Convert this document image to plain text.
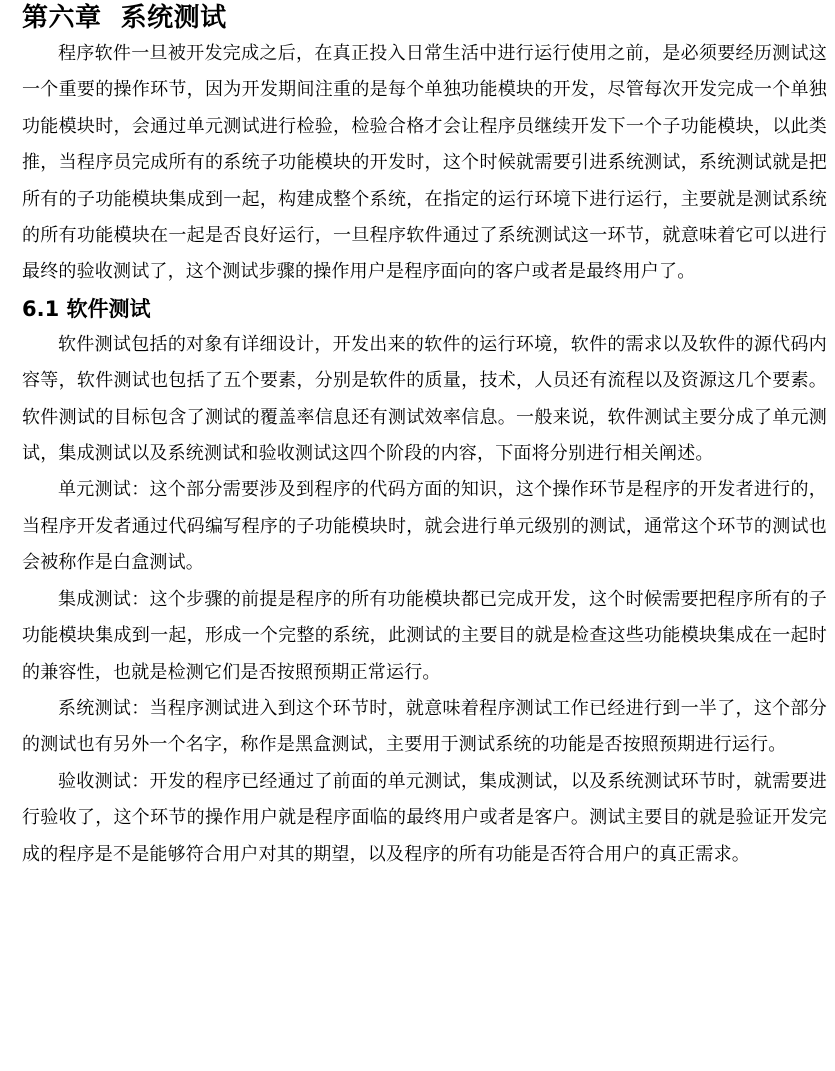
第六章  系统测试

程序软件一旦被开发完成之后，在真正投入日常生活中进行运行使用之前，是必须要经历测试这一个重要的操作环节，因为开发期间注重的是每个单独功能模块的开发，尽管每次开发完成一个单独功能模块时，会通过单元测试进行检验，检验合格才会让程序员继续开发下一个子功能模块，以此类推，当程序员完成所有的系统子功能模块的开发时，这个时候就需要引进系统测试，系统测试就是把所有的子功能模块集成到一起，构建成整个系统，在指定的运行环境下进行运行，主要就是测试系统的所有功能模块在一起是否良好运行，一旦程序软件通过了系统测试这一环节，就意味着它可以进行最终的验收测试了，这个测试步骤的操作用户是程序面向的客户或者是最终用户了。

6.1 软件测试

软件测试包括的对象有详细设计，开发出来的软件的运行环境，软件的需求以及软件的源代码内容等，软件测试也包括了五个要素，分别是软件的质量，技术，人员还有流程以及资源这几个要素。软件测试的目标包含了测试的覆盖率信息还有测试效率信息。一般来说，软件测试主要分成了单元测试，集成测试以及系统测试和验收测试这四个阶段的内容，下面将分别进行相关阐述。

单元测试：这个部分需要涉及到程序的代码方面的知识，这个操作环节是程序的开发者进行的，当程序开发者通过代码编写程序的子功能模块时，就会进行单元级别的测试，通常这个环节的测试也会被称作是白盒测试。

集成测试：这个步骤的前提是程序的所有功能模块都已完成开发，这个时候需要把程序所有的子功能模块集成到一起，形成一个完整的系统，此测试的主要目的就是检查这些功能模块集成在一起时的兼容性，也就是检测它们是否按照预期正常运行。

系统测试：当程序测试进入到这个环节时，就意味着程序测试工作已经进行到一半了，这个部分的测试也有另外一个名字，称作是黑盒测试，主要用于测试系统的功能是否按照预期进行运行。

验收测试：开发的程序已经通过了前面的单元测试，集成测试，以及系统测试环节时，就需要进行验收了，这个环节的操作用户就是程序面临的最终用户或者是客户。测试主要目的就是验证开发完成的程序是不是能够符合用户对其的期望，以及程序的所有功能是否符合用户的真正需求。
